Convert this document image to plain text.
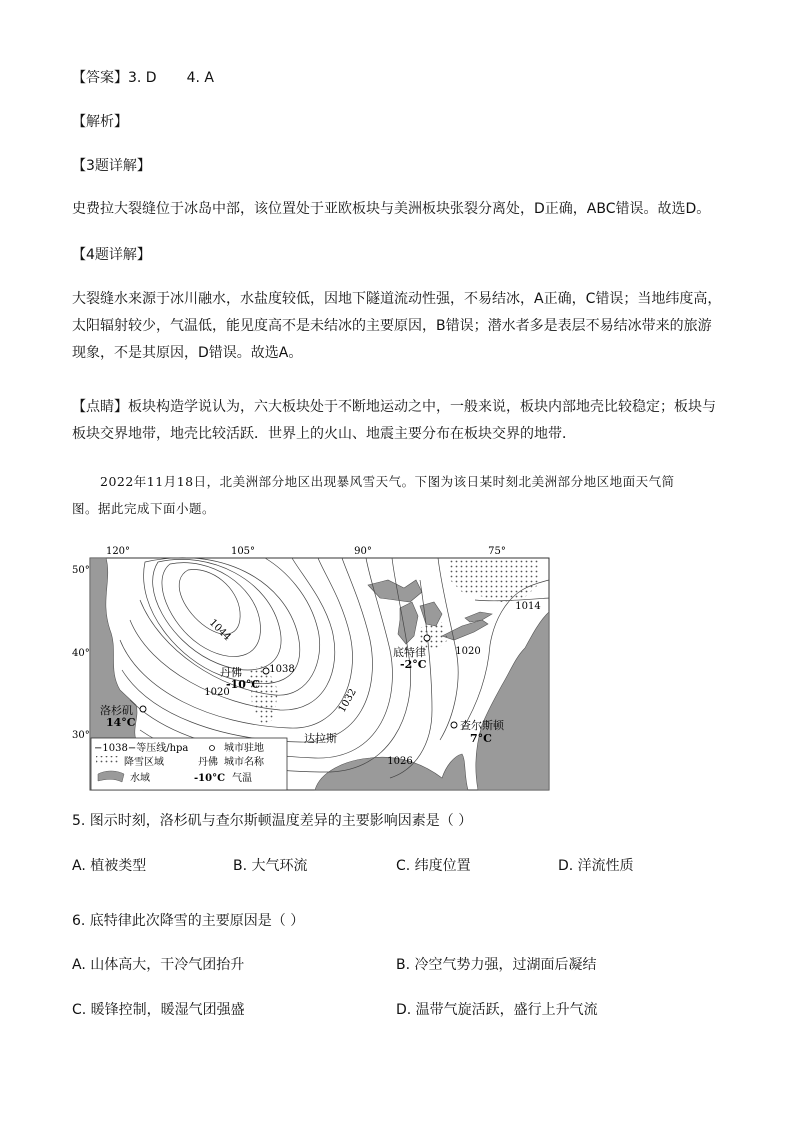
【答案】3. D 4. A
【解析】
【3题详解】
史费拉大裂缝位于冰岛中部，该位置处于亚欧板块与美洲板块张裂分离处，D正确，ABC错误。故选D。
【4题详解】
大裂缝水来源于冰川融水，水盐度较低，因地下隧道流动性强，不易结冰，A正确，C错误；当地纬度高，太阳辐射较少，气温低，能见度高不是未结冰的主要原因，B错误；潜水者多是表层不易结冰带来的旅游现象，不是其原因，D错误。故选A。
【点睛】板块构造学说认为，六大板块处于不断地运动之中，一般来说，板块内部地壳比较稳定；板块与板块交界地带，地壳比较活跃．世界上的火山、地震主要分布在板块交界的地带．
2022年11月18日，北美洲部分地区出现暴风雪天气。下图为该日某时刻北美洲部分地区地面天气简
图。据此完成下面小题。
120°	105°	90°	75°
50°
40°
30°
1044
1038
1020	1032
1026
1020
1014
丹佛
-10°C
底特律
-2°C
洛杉矶
14°C	查尔斯顿
7°C
达拉斯
−1038−等压线/hpa	城市驻地
降雪区域	丹佛 城市名称
水域	-10°C 气温
5. 图示时刻，洛杉矶与查尔斯顿温度差异的主要影响因素是（ ）
A. 植被类型	B. 大气环流	C. 纬度位置	D. 洋流性质
6. 底特律此次降雪的主要原因是（ ）
A. 山体高大，干冷气团抬升	B. 冷空气势力强，过湖面后凝结
C. 暖锋控制，暖湿气团强盛	D. 温带气旋活跃，盛行上升气流
